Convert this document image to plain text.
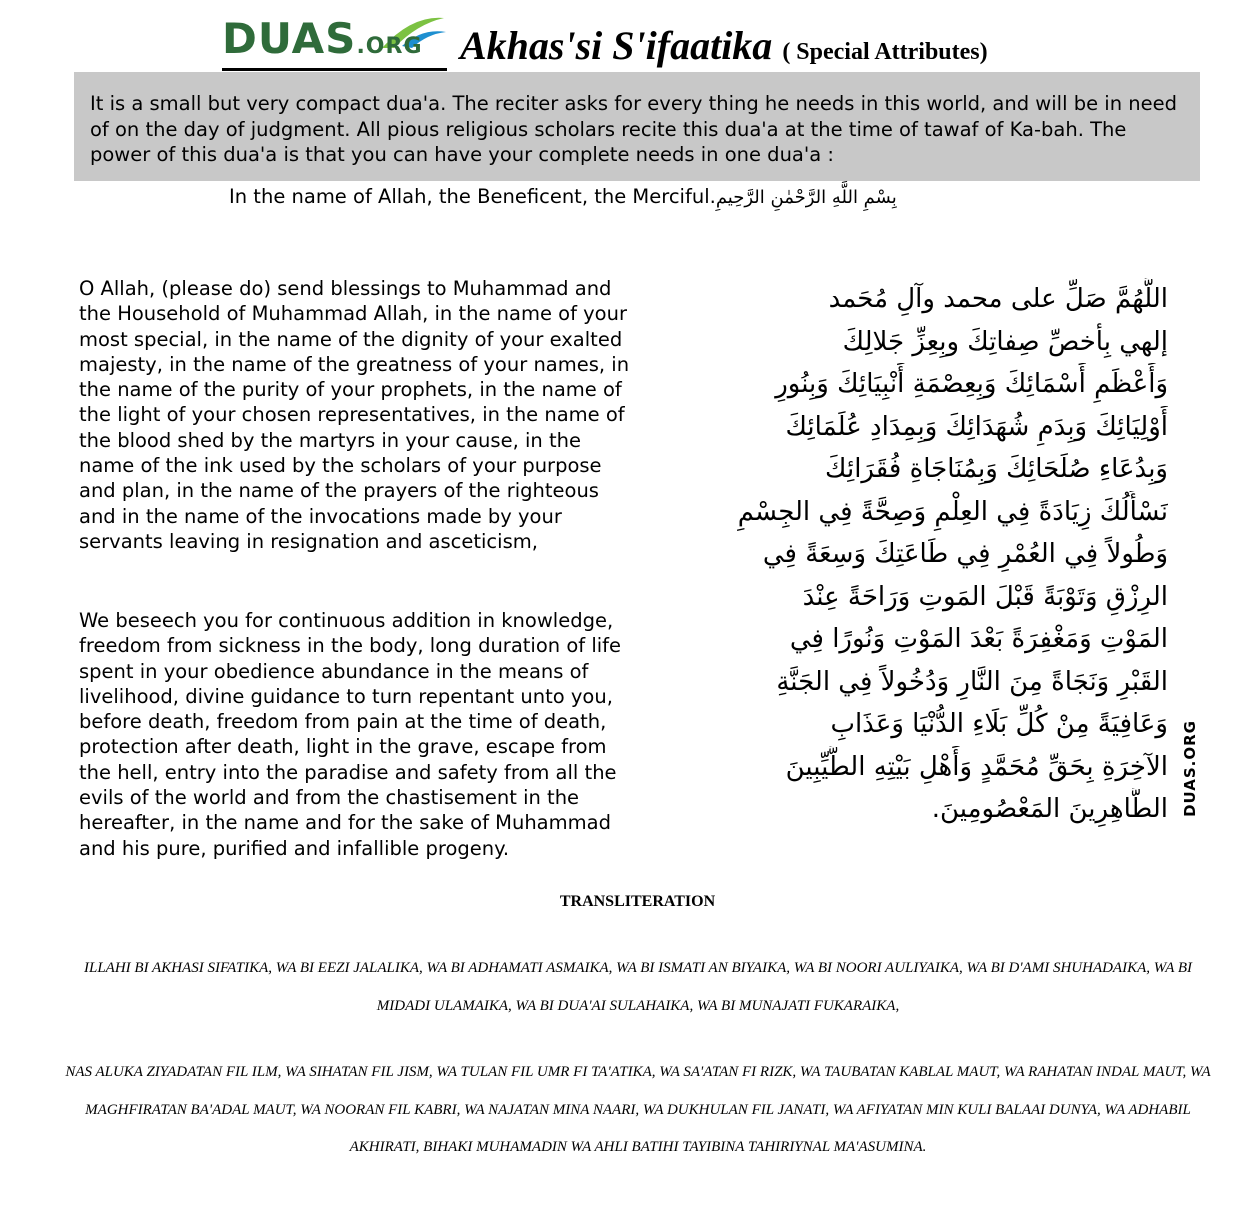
DUAS.ORG Akhas'si S'ifaatika ( Special Attributes)
It is a small but very compact dua'a. The reciter asks for every thing he needs in this world, and will be in need of on the day of judgment. All pious religious scholars recite this dua'a at the time of tawaf of Ka-bah. The power of this dua'a is that you can have your complete needs in one dua'a :
In the name of Allah, the Beneficent, the Merciful.بِسْمِ اللَّهِ الرَّحْمٰنِ الرَّحِيمِ
O Allah, (please do) send blessings to Muhammad and the Household of Muhammad Allah, in the name of your most special, in the name of the dignity of your exalted majesty, in the name of the greatness of your names, in the name of the purity of your prophets, in the name of the light of your chosen representatives, in the name of the blood shed by the martyrs in your cause, in the name of the ink used by the scholars of your purpose and plan, in the name of the prayers of the righteous and in the name of the invocations made by your servants leaving in resignation and asceticism,
We beseech you for continuous addition in knowledge, freedom from sickness in the body, long duration of life spent in your obedience abundance in the means of livelihood, divine guidance to turn repentant unto you, before death, freedom from pain at the time of death, protection after death, light in the grave, escape from the hell, entry into the paradise and safety from all the evils of the world and from the chastisement in the hereafter, in the name and for the sake of Muhammad and his pure, purified and infallible progeny.
اللَّهُمَّ صَلِّ على محمد وآلِ مُحَمد
إلهي بِأخصِّ صِفاتِكَ وبِعِزِّ جَلالِكَ
وَأَعْظَمِ أَسْمَائِكَ وَبِعِصْمَةِ أَنْبِيَائِكَ وَبِنُورِ
أَوْلِيَائِكَ وَبِدَمِ شُهَدَائِكَ وَبِمِدَادِ عُلَمَائِكَ
وَبِدُعَاءِ صُلَحَائِكَ وَبِمُنَاجَاةِ فُقَرَائِكَ
نَسْأَلُكَ زِيَادَةً فِي العِلْمِ وَصِحَّةً فِي الجِسْمِ
وَطُولاً فِي العُمْرِ فِي طَاعَتِكَ وَسِعَةً فِي
الرِزْقِ وَتَوْبَةً قَبْلَ المَوتِ وَرَاحَةً عِنْدَ
المَوْتِ وَمَغْفِرَةً بَعْدَ المَوْتِ وَنُورًا فِي
القَبْرِ وَنَجَاةً مِنَ النَّارِ وَدُخُولاً فِي الجَنَّةِ
وَعَافِيَةً مِنْ كُلِّ بَلَاءِ الدُّنْيَا وَعَذَابِ
الآخِرَةِ بِحَقِّ مُحَمَّدٍ وَأَهْلِ بَيْتِهِ الطَّيِّبِينَ
الطَّاهِرِينَ المَعْصُومِينَ. DUAS.ORG
TRANSLITERATION
ILLAHI BI AKHASI SIFATIKA, WA BI EEZI JALALIKA, WA BI ADHAMATI ASMAIKA, WA BI ISMATI AN BIYAIKA, WA BI NOORI AULIYAIKA, WA BI D'AMI SHUHADAIKA, WA BI MIDADI ULAMAIKA, WA BI DUA'AI SULAHAIKA, WA BI MUNAJATI FUKARAIKA,
NAS ALUKA ZIYADATAN FIL ILM, WA SIHATAN FIL JISM, WA TULAN FIL UMR FI TA'ATIKA, WA SA'ATAN FI RIZK, WA TAUBATAN KABLAL MAUT, WA RAHATAN INDAL MAUT, WA MAGHFIRATAN BA'ADAL MAUT, WA NOORAN FIL KABRI, WA NAJATAN MINA NAARI, WA DUKHULAN FIL JANATI, WA AFIYATAN MIN KULI BALAAI DUNYA, WA ADHABIL AKHIRATI, BIHAKI MUHAMADIN WA AHLI BATIHI TAYIBINA TAHIRIYNAL MA'ASUMINA.
